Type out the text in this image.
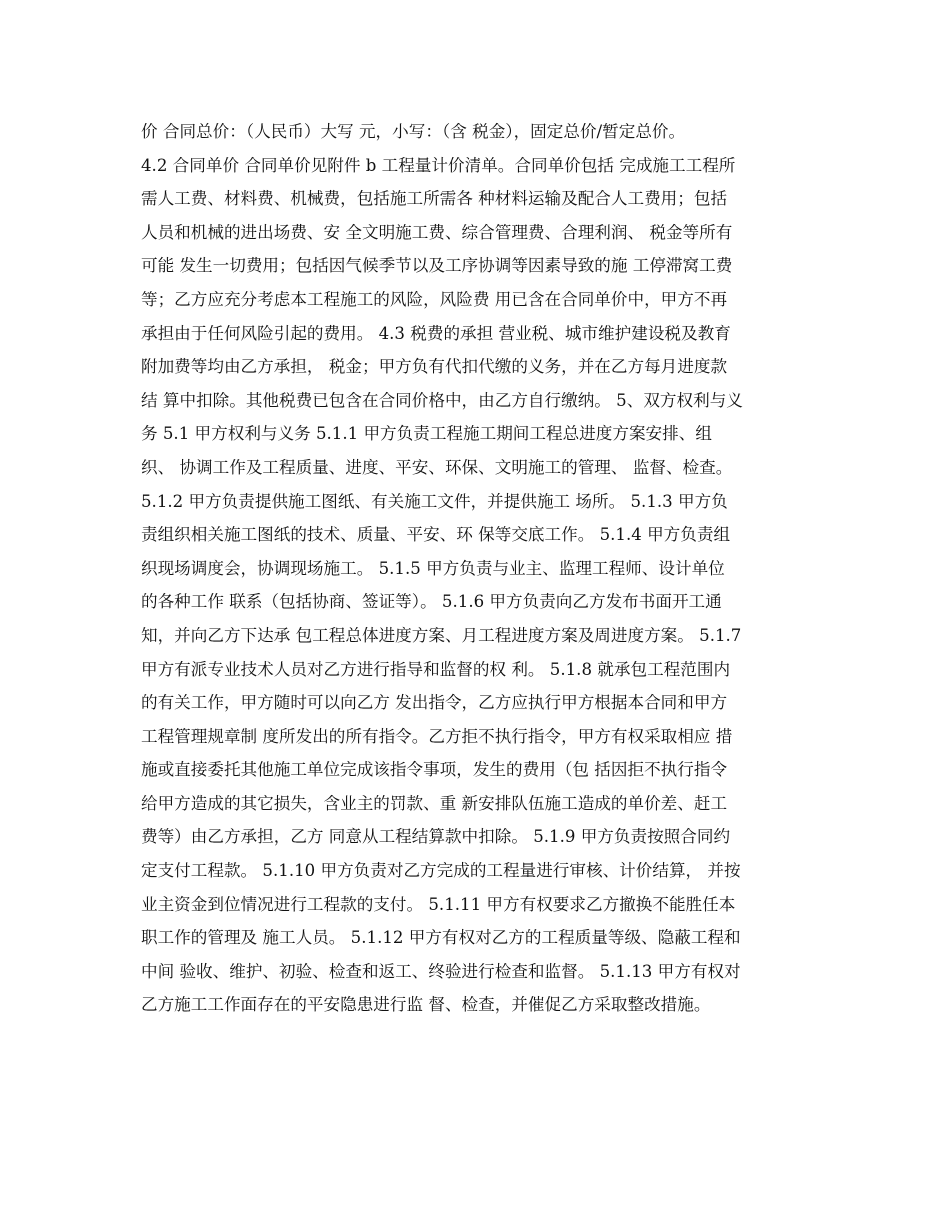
价 合同总价：（人民币）大写 元，小写：（含 税金），固定总价/暂定总价。
4.2 合同单价 合同单价见附件 b 工程量计价清单。合同单价包括 完成施工工程所
需人工费、材料费、机械费，包括施工所需各 种材料运输及配合人工费用；包括
人员和机械的进出场费、安 全文明施工费、综合管理费、合理利润、 税金等所有
可能 发生一切费用；包括因气候季节以及工序协调等因素导致的施 工停滞窝工费
等；乙方应充分考虑本工程施工的风险，风险费 用已含在合同单价中，甲方不再
承担由于任何风险引起的费用。 4.3 税费的承担 营业税、城市维护建设税及教育
附加费等均由乙方承担， 税金；甲方负有代扣代缴的义务，并在乙方每月进度款
结 算中扣除。其他税费已包含在合同价格中，由乙方自行缴纳。 5、双方权利与义
务 5.1 甲方权利与义务 5.1.1 甲方负责工程施工期间工程总进度方案安排、组
织、 协调工作及工程质量、进度、平安、环保、文明施工的管理、 监督、检查。
5.1.2 甲方负责提供施工图纸、有关施工文件，并提供施工 场所。 5.1.3 甲方负
责组织相关施工图纸的技术、质量、平安、环 保等交底工作。 5.1.4 甲方负责组
织现场调度会，协调现场施工。 5.1.5 甲方负责与业主、监理工程师、设计单位
的各种工作 联系（包括协商、签证等）。 5.1.6 甲方负责向乙方发布书面开工通
知，并向乙方下达承 包工程总体进度方案、月工程进度方案及周进度方案。 5.1.7
甲方有派专业技术人员对乙方进行指导和监督的权 利。 5.1.8 就承包工程范围内
的有关工作，甲方随时可以向乙方 发出指令，乙方应执行甲方根据本合同和甲方
工程管理规章制 度所发出的所有指令。乙方拒不执行指令，甲方有权采取相应 措
施或直接委托其他施工单位完成该指令事项，发生的费用（包 括因拒不执行指令
给甲方造成的其它损失，含业主的罚款、重 新安排队伍施工造成的单价差、赶工
费等）由乙方承担，乙方 同意从工程结算款中扣除。 5.1.9 甲方负责按照合同约
定支付工程款。 5.1.10 甲方负责对乙方完成的工程量进行审核、计价结算， 并按
业主资金到位情况进行工程款的支付。 5.1.11 甲方有权要求乙方撤换不能胜任本
职工作的管理及 施工人员。 5.1.12 甲方有权对乙方的工程质量等级、隐蔽工程和
中间 验收、维护、初验、检查和返工、终验进行检查和监督。 5.1.13 甲方有权对
乙方施工工作面存在的平安隐患进行监 督、检查，并催促乙方采取整改措施。
